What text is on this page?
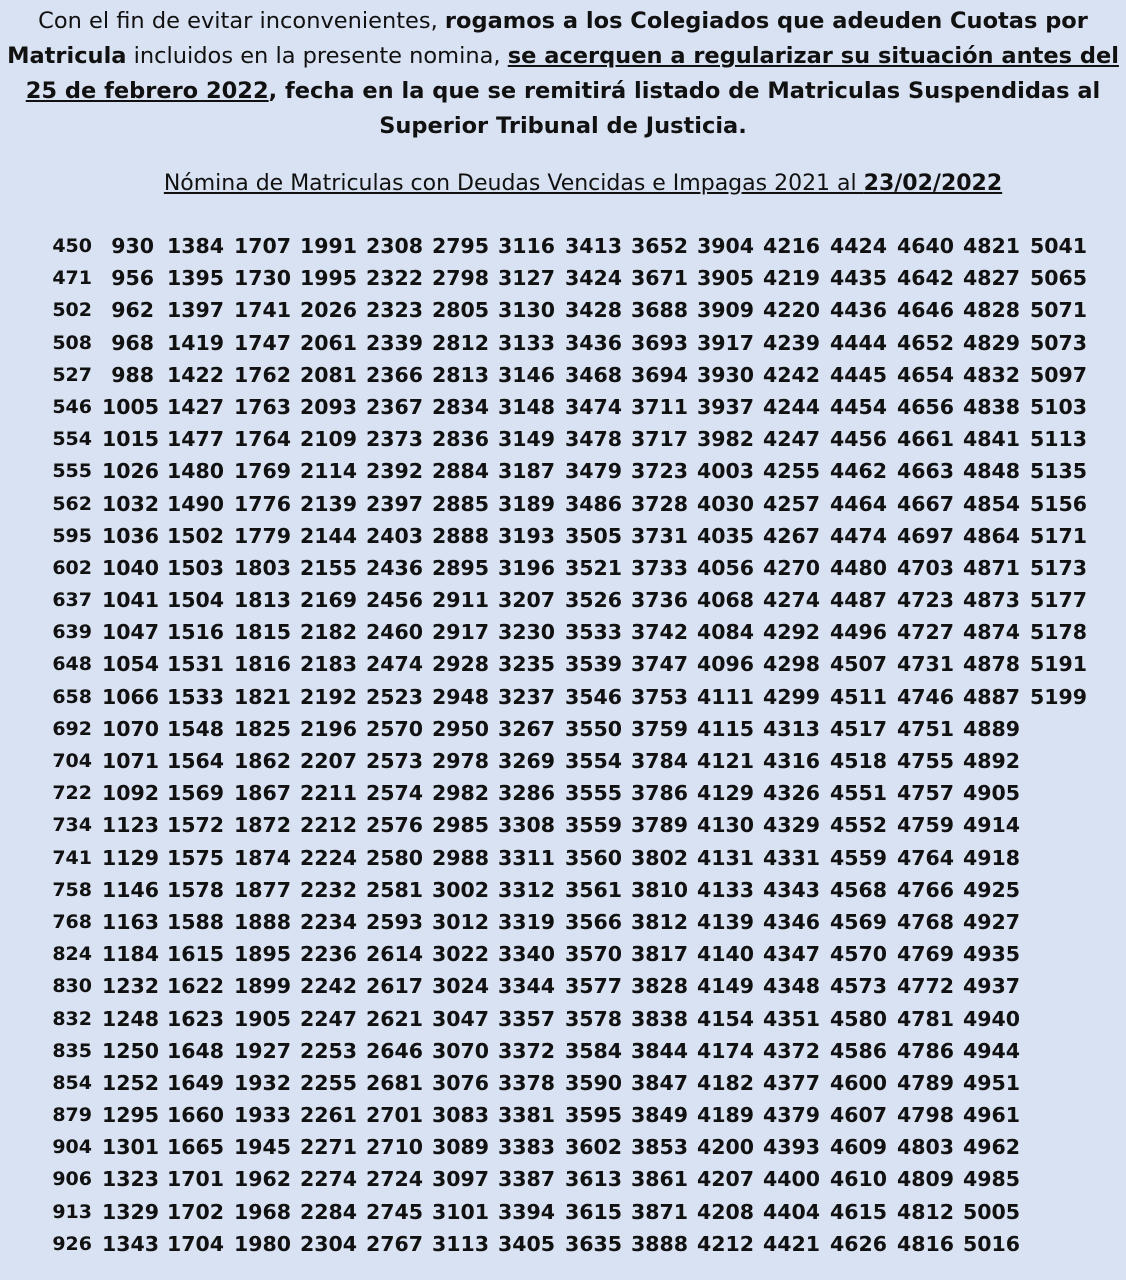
Con el fin de evitar inconvenientes, rogamos a los Colegiados que adeuden Cuotas por Matricula incluidos en la presente nomina, se acerquen a regularizar su situación antes del 25 de febrero 2022, fecha en la que se remitirá listado de Matriculas Suspendidas al Superior Tribunal de Justicia.
Nómina de Matriculas con Deudas Vencidas e Impagas 2021 al 23/02/2022
450
471
502
508
527
546
554
555
562
595
602
637
639
648
658
692
704
722
734
741
758
768
824
830
832
835
854
879
904
906
913
926
930
956
962
968
988
1005
1015
1026
1032
1036
1040
1041
1047
1054
1066
1070
1071
1092
1123
1129
1146
1163
1184
1232
1248
1250
1252
1295
1301
1323
1329
1343
1384
1395
1397
1419
1422
1427
1477
1480
1490
1502
1503
1504
1516
1531
1533
1548
1564
1569
1572
1575
1578
1588
1615
1622
1623
1648
1649
1660
1665
1701
1702
1704
1707
1730
1741
1747
1762
1763
1764
1769
1776
1779
1803
1813
1815
1816
1821
1825
1862
1867
1872
1874
1877
1888
1895
1899
1905
1927
1932
1933
1945
1962
1968
1980
1991
1995
2026
2061
2081
2093
2109
2114
2139
2144
2155
2169
2182
2183
2192
2196
2207
2211
2212
2224
2232
2234
2236
2242
2247
2253
2255
2261
2271
2274
2284
2304
2308
2322
2323
2339
2366
2367
2373
2392
2397
2403
2436
2456
2460
2474
2523
2570
2573
2574
2576
2580
2581
2593
2614
2617
2621
2646
2681
2701
2710
2724
2745
2767
2795
2798
2805
2812
2813
2834
2836
2884
2885
2888
2895
2911
2917
2928
2948
2950
2978
2982
2985
2988
3002
3012
3022
3024
3047
3070
3076
3083
3089
3097
3101
3113
3116
3127
3130
3133
3146
3148
3149
3187
3189
3193
3196
3207
3230
3235
3237
3267
3269
3286
3308
3311
3312
3319
3340
3344
3357
3372
3378
3381
3383
3387
3394
3405
3413
3424
3428
3436
3468
3474
3478
3479
3486
3505
3521
3526
3533
3539
3546
3550
3554
3555
3559
3560
3561
3566
3570
3577
3578
3584
3590
3595
3602
3613
3615
3635
3652
3671
3688
3693
3694
3711
3717
3723
3728
3731
3733
3736
3742
3747
3753
3759
3784
3786
3789
3802
3810
3812
3817
3828
3838
3844
3847
3849
3853
3861
3871
3888
3904
3905
3909
3917
3930
3937
3982
4003
4030
4035
4056
4068
4084
4096
4111
4115
4121
4129
4130
4131
4133
4139
4140
4149
4154
4174
4182
4189
4200
4207
4208
4212
4216
4219
4220
4239
4242
4244
4247
4255
4257
4267
4270
4274
4292
4298
4299
4313
4316
4326
4329
4331
4343
4346
4347
4348
4351
4372
4377
4379
4393
4400
4404
4421
4424
4435
4436
4444
4445
4454
4456
4462
4464
4474
4480
4487
4496
4507
4511
4517
4518
4551
4552
4559
4568
4569
4570
4573
4580
4586
4600
4607
4609
4610
4615
4626
4640
4642
4646
4652
4654
4656
4661
4663
4667
4697
4703
4723
4727
4731
4746
4751
4755
4757
4759
4764
4766
4768
4769
4772
4781
4786
4789
4798
4803
4809
4812
4816
4821
4827
4828
4829
4832
4838
4841
4848
4854
4864
4871
4873
4874
4878
4887
4889
4892
4905
4914
4918
4925
4927
4935
4937
4940
4944
4951
4961
4962
4985
5005
5016
5041
5065
5071
5073
5097
5103
5113
5135
5156
5171
5173
5177
5178
5191
5199
